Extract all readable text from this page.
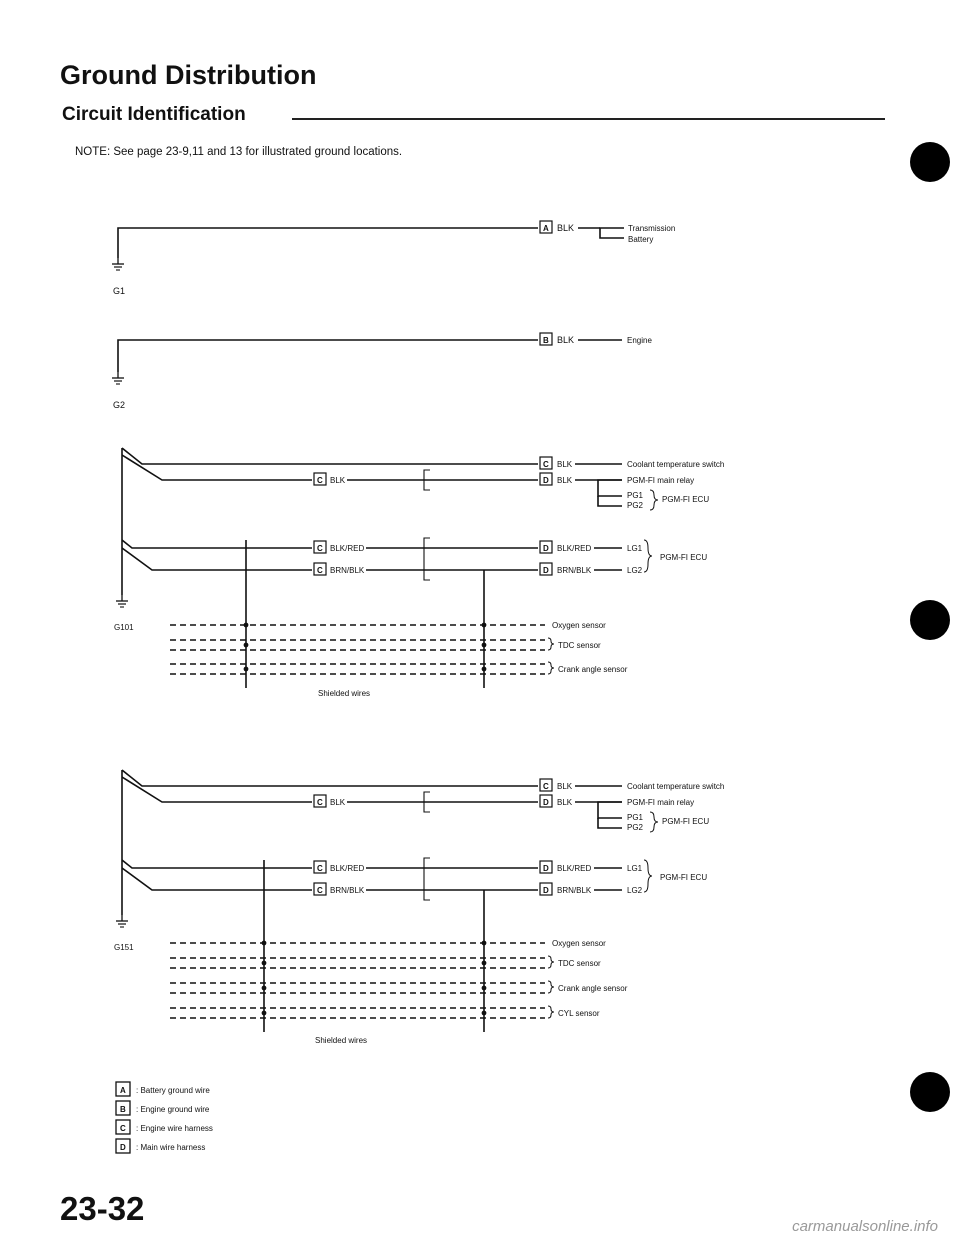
Ground Distribution
Circuit Identification
NOTE: See page 23-9,11 and 13 for illustrated ground locations.
G1
A BLK	Transmission
Battery
G2
B BLK	Engine
G101
C BLK	Coolant temperature switch
C BLK	D BLK	PGM-FI main relay
PG1
PG2
PGM-FI ECU
C BLK/RED	D BLK/RED	LG1
C BRN/BLK	D BRN/BLK	LG2
PGM-FI ECU
Oxygen sensor
TDC sensor
Crank angle sensor
Shielded wires
G151
C BLK	Coolant temperature switch
C BLK	D BLK	PGM-FI main relay
PG1
PG2
PGM-FI ECU
C BLK/RED	D BLK/RED	LG1
C BRN/BLK	D BRN/BLK	LG2
PGM-FI ECU
Oxygen sensor
TDC sensor
Crank angle sensor
CYL sensor
Shielded wires
A : Battery ground wire
B : Engine ground wire
C : Engine wire harness
D : Main wire harness
23-32	carmanualsonline.info
